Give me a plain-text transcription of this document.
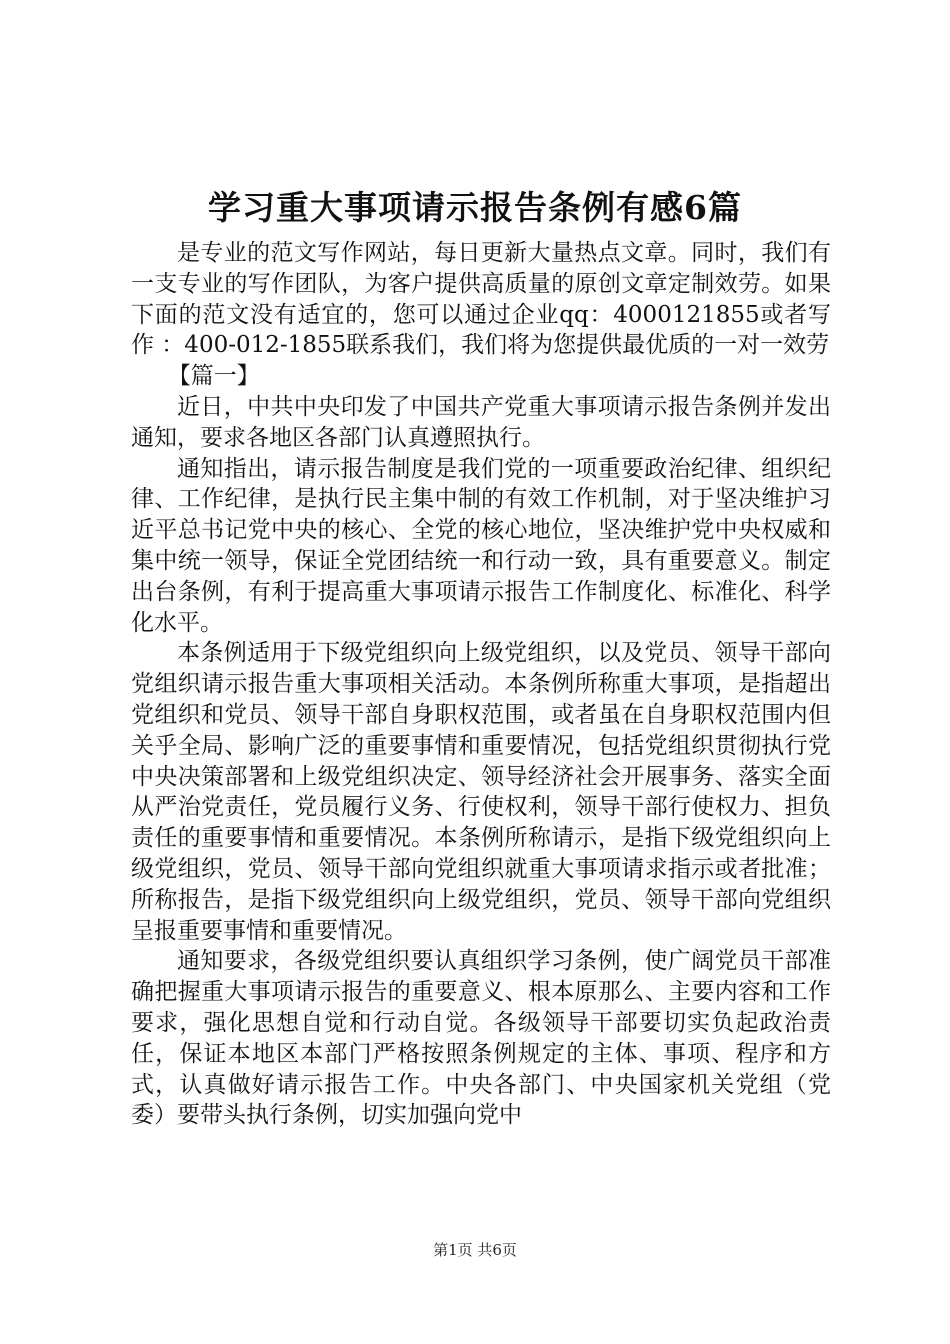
学习重大事项请示报告条例有感6篇

是专业的范文写作网站，每日更新大量热点文章。同时，我们有一支专业的写作团队，为客户提供高质量的原创文章定制效劳。如果下面的范文没有适宜的，您可以通过企业qq：4000121855或者写作 ：400-012-1855联系我们，我们将为您提供最优质的一对一效劳

【篇一】

近日，中共中央印发了中国共产党重大事项请示报告条例并发出通知，要求各地区各部门认真遵照执行。

通知指出，请示报告制度是我们党的一项重要政治纪律、组织纪律、工作纪律，是执行民主集中制的有效工作机制，对于坚决维护习近平总书记党中央的核心、全党的核心地位，坚决维护党中央权威和集中统一领导，保证全党团结统一和行动一致，具有重要意义。制定出台条例，有利于提高重大事项请示报告工作制度化、标准化、科学化水平。

本条例适用于下级党组织向上级党组织，以及党员、领导干部向党组织请示报告重大事项相关活动。本条例所称重大事项，是指超出党组织和党员、领导干部自身职权范围，或者虽在自身职权范围内但关乎全局、影响广泛的重要事情和重要情况，包括党组织贯彻执行党中央决策部署和上级党组织决定、领导经济社会开展事务、落实全面从严治党责任，党员履行义务、行使权利，领导干部行使权力、担负责任的重要事情和重要情况。本条例所称请示，是指下级党组织向上级党组织，党员、领导干部向党组织就重大事项请求指示或者批准；所称报告，是指下级党组织向上级党组织，党员、领导干部向党组织呈报重要事情和重要情况。

通知要求，各级党组织要认真组织学习条例，使广阔党员干部准确把握重大事项请示报告的重要意义、根本原那么、主要内容和工作要求，强化思想自觉和行动自觉。各级领导干部要切实负起政治责任，保证本地区本部门严格按照条例规定的主体、事项、程序和方式，认真做好请示报告工作。中央各部门、中央国家机关党组（党委）要带头执行条例，切实加强向党中

第1页 共6页
